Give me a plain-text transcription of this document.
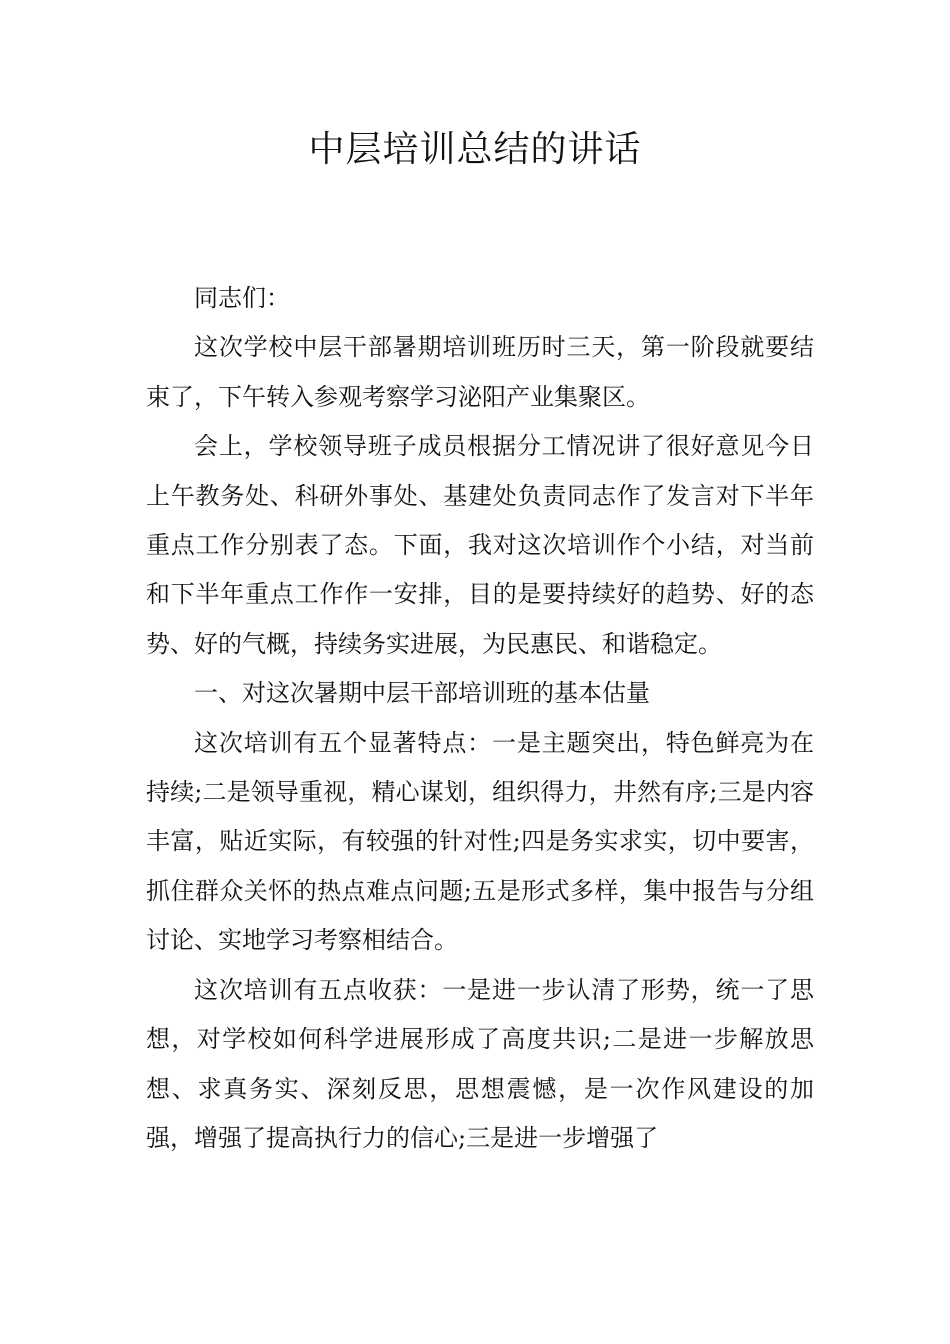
中层培训总结的讲话

同志们：

这次学校中层干部暑期培训班历时三天，第一阶段就要结束了，下午转入参观考察学习泌阳产业集聚区。

会上，学校领导班子成员根据分工情况讲了很好意见今日上午教务处、科研外事处、基建处负责同志作了发言对下半年重点工作分别表了态。下面，我对这次培训作个小结，对当前和下半年重点工作作一安排，目的是要持续好的趋势、好的态势、好的气概，持续务实进展，为民惠民、和谐稳定。

一、对这次暑期中层干部培训班的基本估量

这次培训有五个显著特点：一是主题突出，特色鲜亮为在持续;二是领导重视，精心谋划，组织得力，井然有序;三是内容丰富，贴近实际，有较强的针对性;四是务实求实，切中要害，抓住群众关怀的热点难点问题;五是形式多样，集中报告与分组讨论、实地学习考察相结合。

这次培训有五点收获：一是进一步认清了形势，统一了思想，对学校如何科学进展形成了高度共识;二是进一步解放思想、求真务实、深刻反思，思想震憾，是一次作风建设的加强，增强了提高执行力的信心;三是进一步增强了
